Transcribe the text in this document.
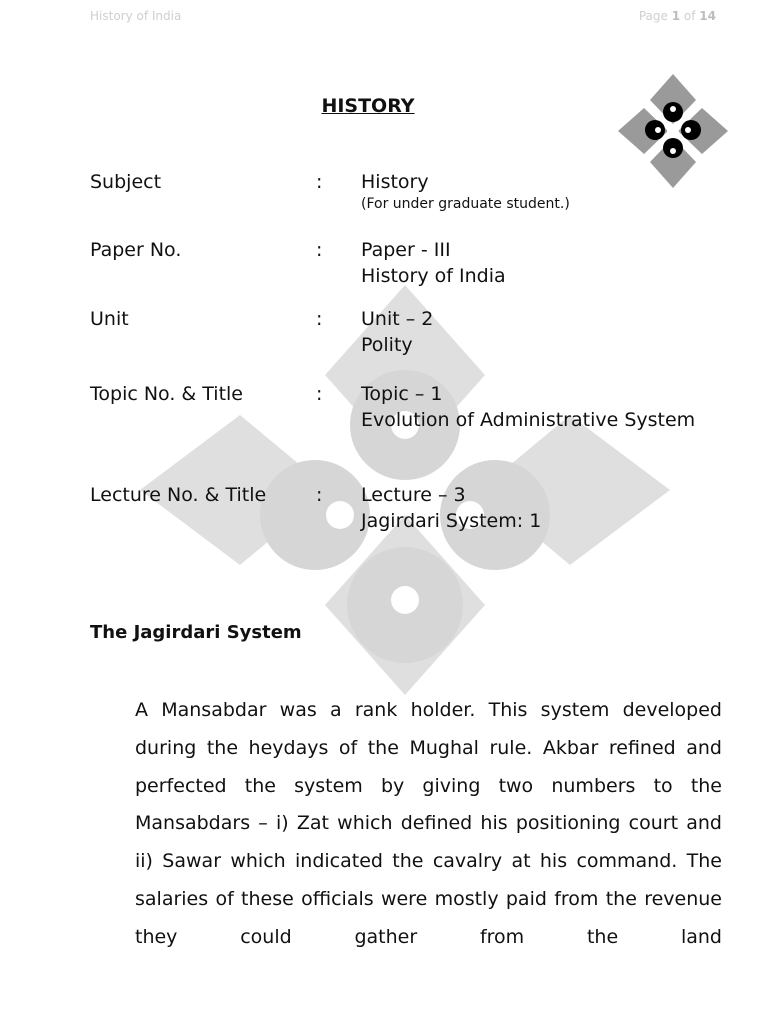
History of India	Page 1 of 14
HISTORY
Subject	: History
(For under graduate student.)
Paper No.	: Paper - III
History of India
Unit	: Unit – 2
Polity
Topic No. & Title	: Topic – 1
Evolution of Administrative System
Lecture No. & Title	: Lecture – 3
Jagirdari System: 1
The Jagirdari System
A Mansabdar was a rank holder. This system developed during the heydays of the Mughal rule. Akbar refined and perfected the system by giving two numbers to the Mansabdars – i) Zat which defined his positioning court and ii) Sawar which indicated the cavalry at his command. The salaries of these officials were mostly paid from the revenue they could gather from the land
